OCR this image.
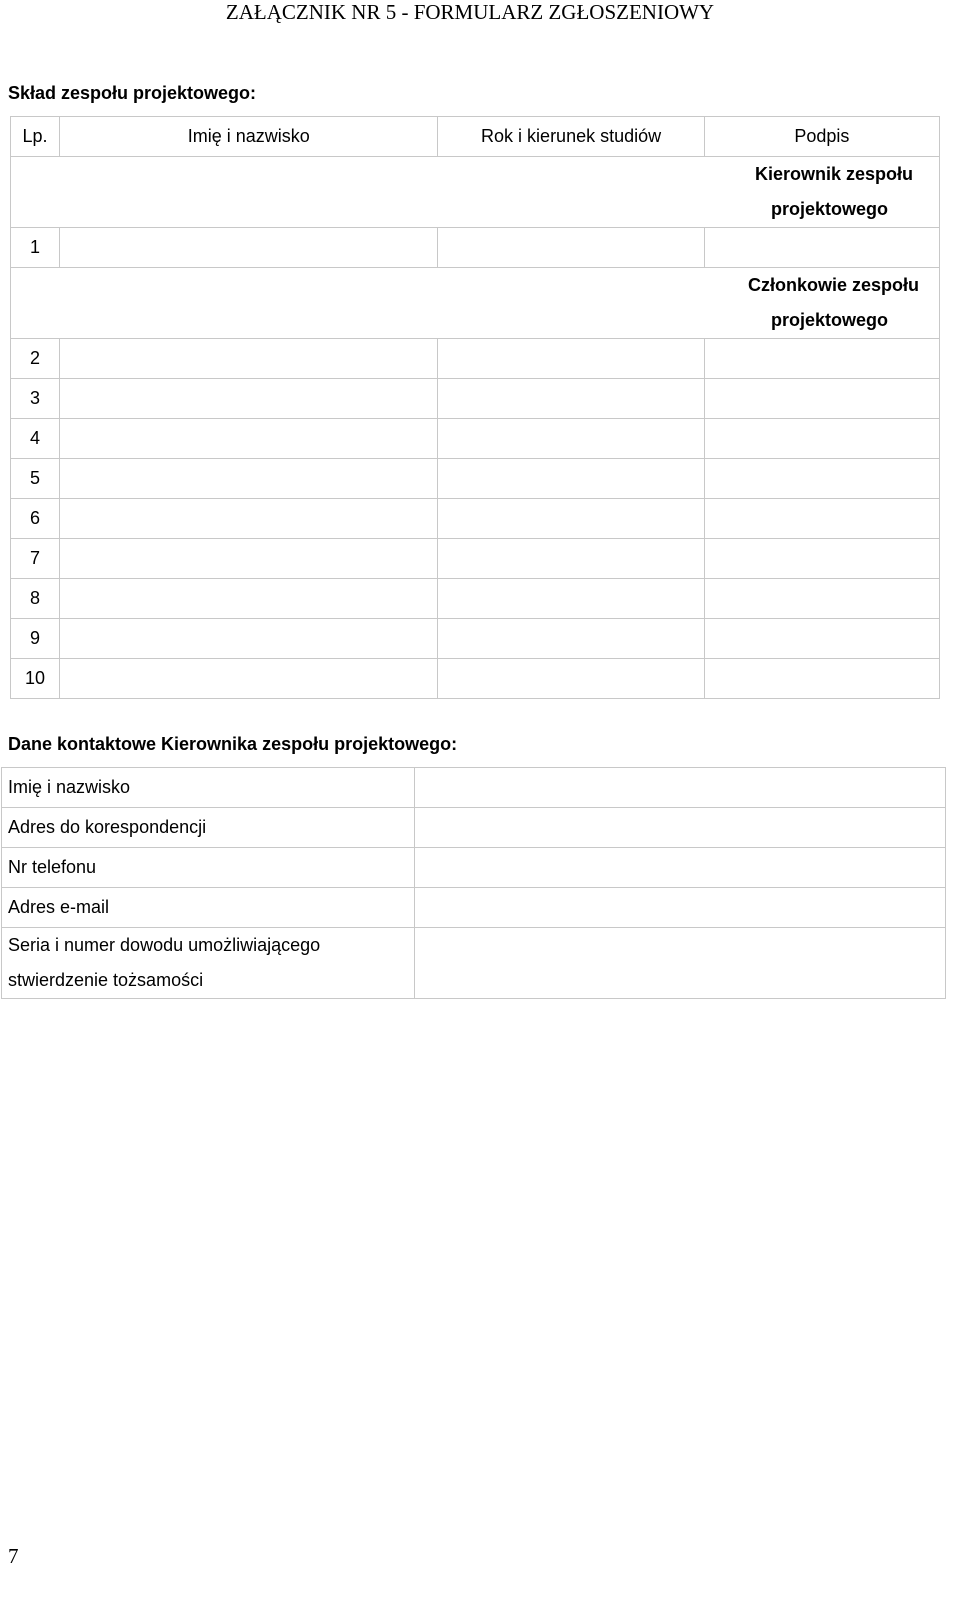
ZAŁĄCZNIK NR 5 - FORMULARZ ZGŁOSZENIOWY
Skład zespołu projektowego:
Lp.	Imię i nazwisko	Rok i kierunek studiów	Podpis
Kierownik zespołu
projektowego			
1			
Członkowie zespołu
projektowego			
2			
3			
4			
5			
6			
7			
8			
9			
10			
Dane kontaktowe Kierownika zespołu projektowego:
Imię i nazwisko	
Adres do korespondencji	
Nr telefonu	
Adres e-mail	
Seria i numer dowodu umożliwiającego
stwierdzenie tożsamości	
7
